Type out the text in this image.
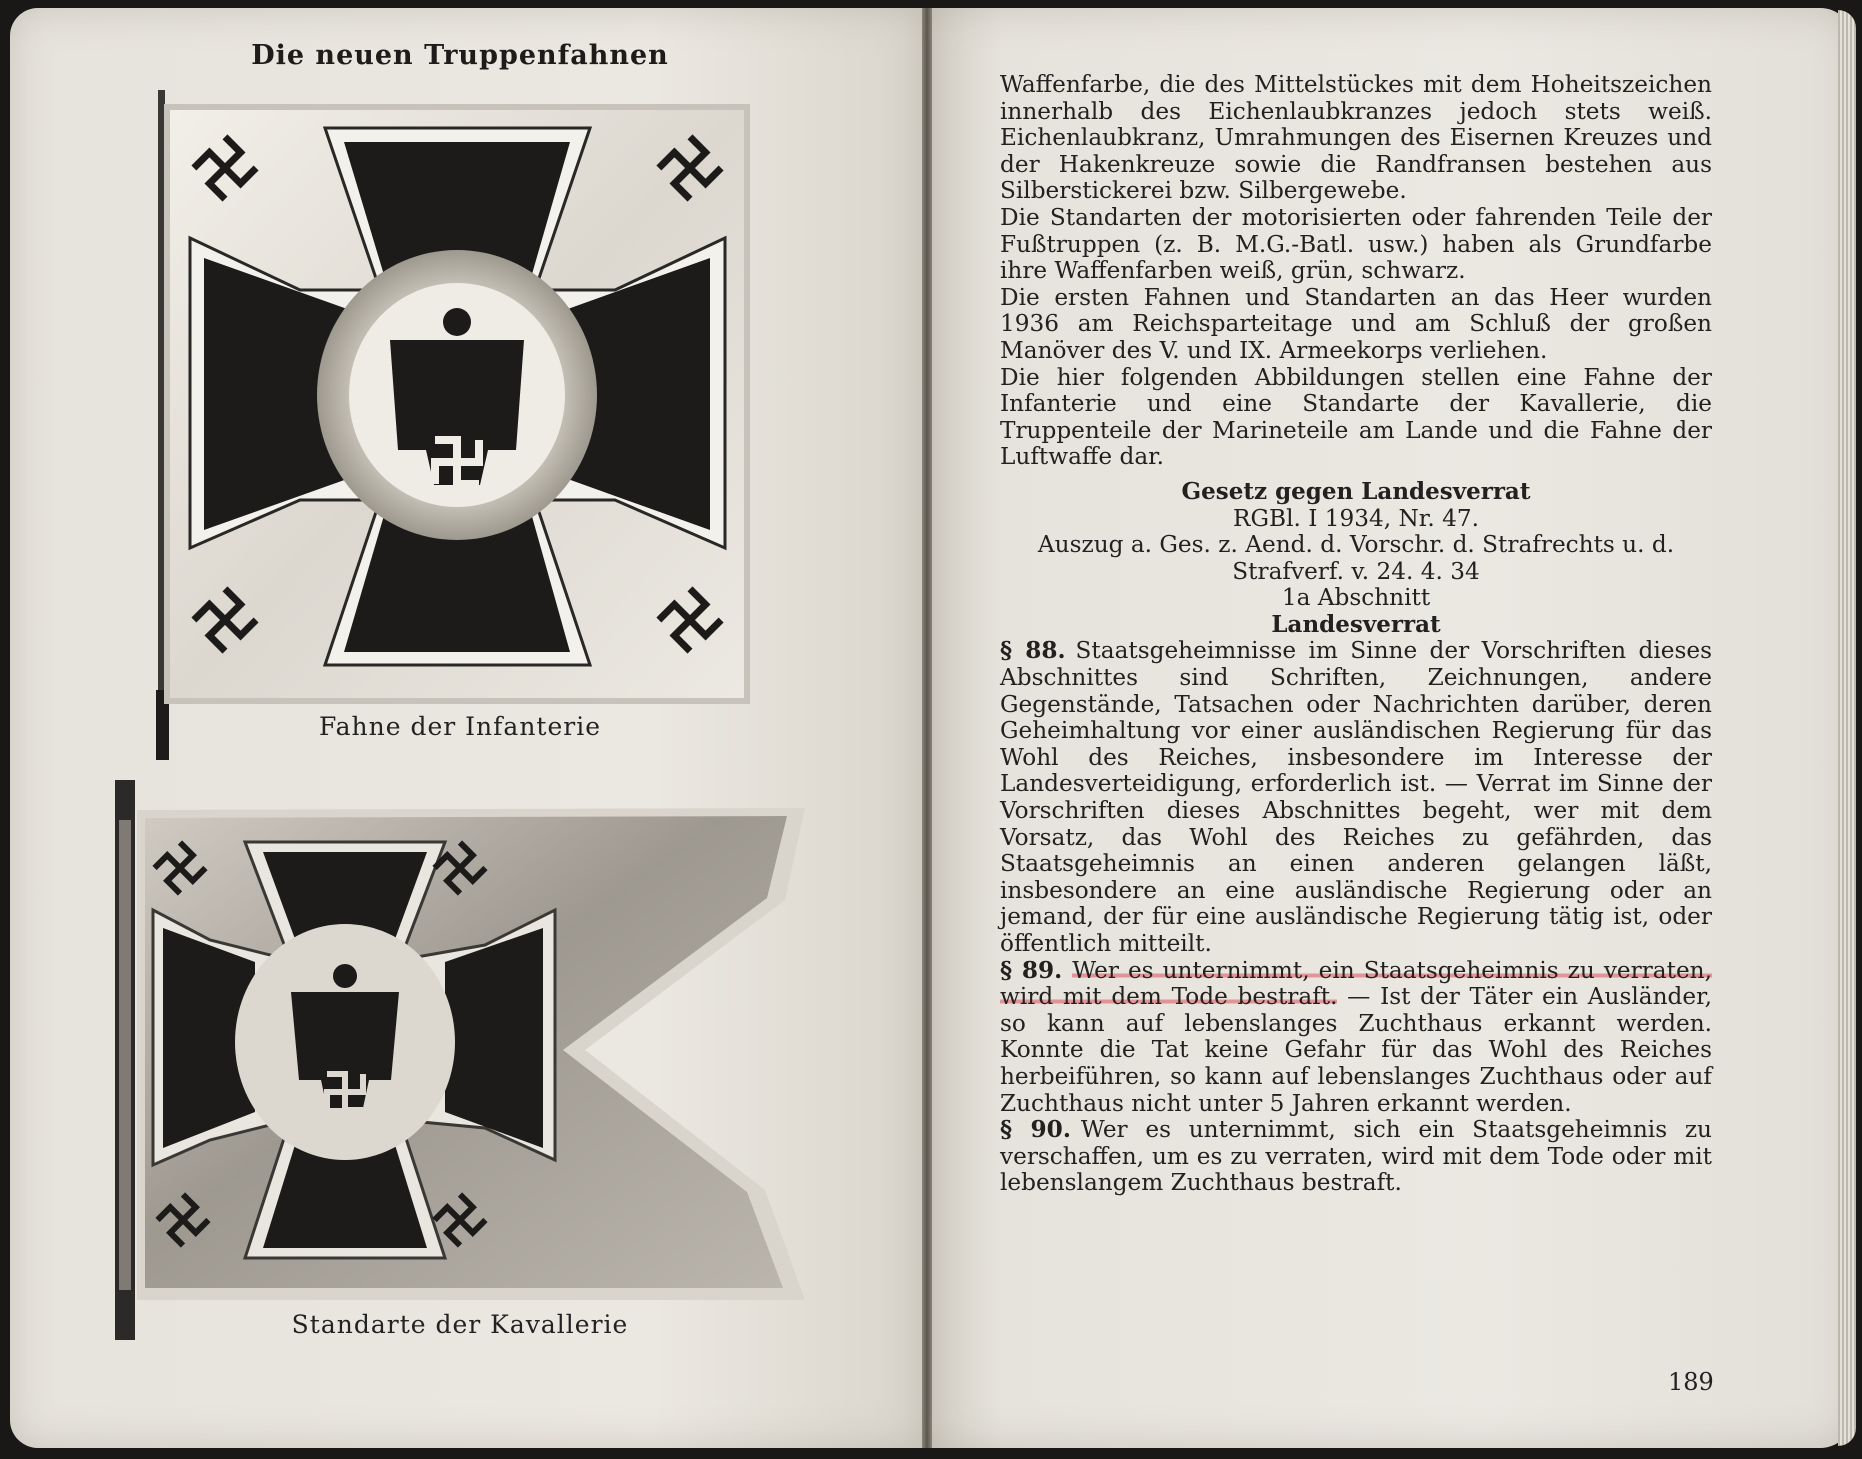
Die neuen Truppenfahnen
Fahne der Infanterie
Standarte der Kavallerie

Waffenfarbe, die des Mittelstückes mit dem Hoheitszeichen innerhalb des Eichenlaubkranzes jedoch stets weiß. Eichenlaubkranz, Umrahmungen des Eisernen Kreuzes und der Hakenkreuze sowie die Randfransen bestehen aus Silberstickerei bzw. Silbergewebe.

Die Standarten der motorisierten oder fahrenden Teile der Fußtruppen (z. B. M.G.-Batl. usw.) haben als Grundfarbe ihre Waffenfarben weiß, grün, schwarz.

Die ersten Fahnen und Standarten an das Heer wurden 1936 am Reichsparteitage und am Schluß der großen Manöver des V. und IX. Armeekorps verliehen.

Die hier folgenden Abbildungen stellen eine Fahne der Infanterie und eine Standarte der Kavallerie, die Truppenteile der Marineteile am Lande und die Fahne der Luftwaffe dar.

Gesetz gegen Landesverrat

RGBl. I 1934, Nr. 47.

Auszug a. Ges. z. Aend. d. Vorschr. d. Strafrechts u. d. Strafverf. v. 24. 4. 34

1a Abschnitt

Landesverrat

§ 88. Staatsgeheimnisse im Sinne der Vorschriften dieses Abschnittes sind Schriften, Zeichnungen, andere Gegenstände, Tatsachen oder Nachrichten darüber, deren Geheimhaltung vor einer ausländischen Regierung für das Wohl des Reiches, insbesondere im Interesse der Landesverteidigung, erforderlich ist. — Verrat im Sinne der Vorschriften dieses Abschnittes begeht, wer mit dem Vorsatz, das Wohl des Reiches zu gefährden, das Staatsgeheimnis an einen anderen gelangen läßt, insbesondere an eine ausländische Regierung oder an jemand, der für eine ausländische Regierung tätig ist, oder öffentlich mitteilt.

§ 89. Wer es unternimmt, ein Staatsgeheimnis zu verraten, wird mit dem Tode bestraft. — Ist der Täter ein Ausländer, so kann auf lebenslanges Zuchthaus erkannt werden. Konnte die Tat keine Gefahr für das Wohl des Reiches herbeiführen, so kann auf lebenslanges Zuchthaus oder auf Zuchthaus nicht unter 5 Jahren erkannt werden.

§ 90. Wer es unternimmt, sich ein Staatsgeheimnis zu verschaffen, um es zu verraten, wird mit dem Tode oder mit lebenslangem Zuchthaus bestraft.

189
